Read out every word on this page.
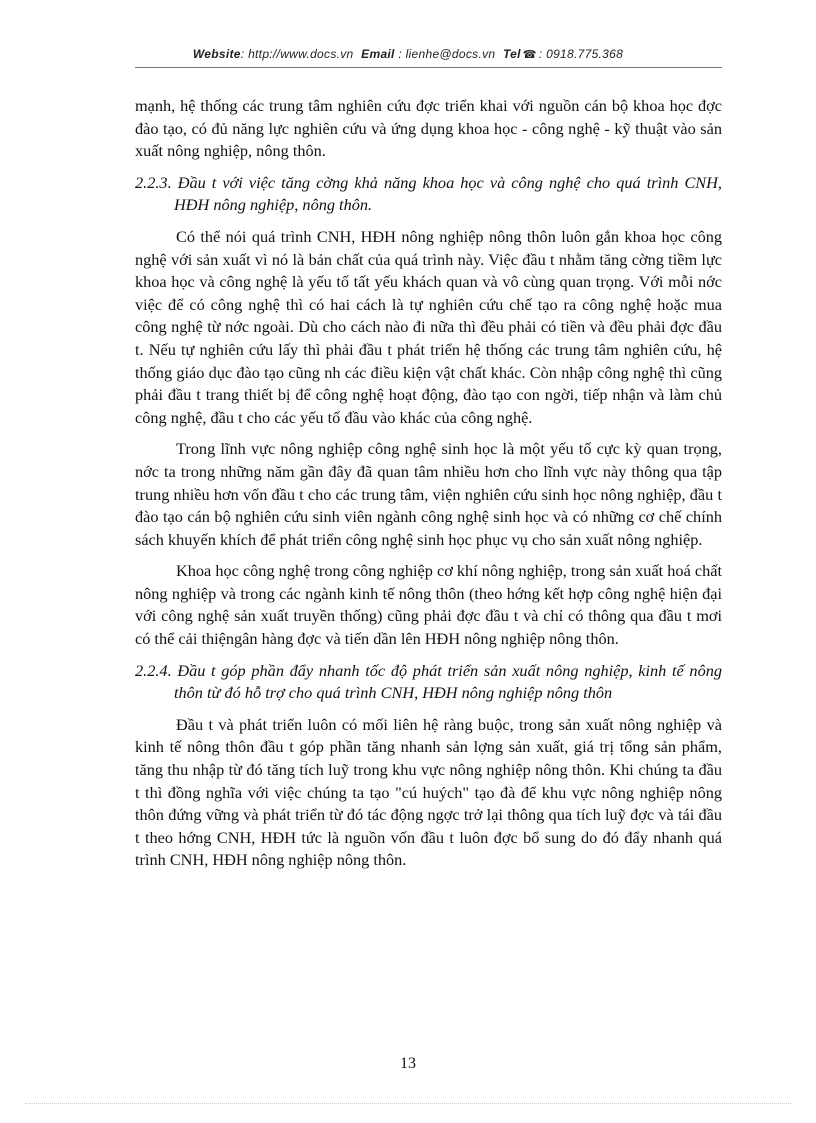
Website: http://www.docs.vn Email : lienhe@docs.vn Tel ☎ : 0918.775.368

mạnh, hệ thống các trung tâm nghiên cứu đợc triển khai với nguồn cán bộ khoa học đợc đào tạo, có đủ năng lực nghiên cứu và ứng dụng khoa học - công nghệ - kỹ thuật vào sản xuất nông nghiệp, nông thôn.

2.2.3. Đầu t với việc tăng cờng khả năng khoa học và công nghệ cho quá trình CNH, HĐH nông nghiệp, nông thôn.

Có thể nói quá trình CNH, HĐH nông nghiệp nông thôn luôn gắn khoa học công nghệ với sản xuất vì nó là bản chất của quá trình này. Việc đầu t nhằm tăng cờng tiềm lực khoa học và công nghệ là yếu tố tất yếu khách quan và vô cùng quan trọng. Với mỗi nớc việc để có công nghệ thì có hai cách là tự nghiên cứu chế tạo ra công nghệ hoặc mua công nghệ từ nớc ngoài. Dù cho cách nào đi nữa thì đều phải có tiền và đều phải đợc đầu t. Nếu tự nghiên cứu lấy thì phải đầu t phát triển hệ thống các trung tâm nghiên cứu, hệ thống giáo dục đào tạo cũng nh các điều kiện vật chất khác. Còn nhập công nghệ thì cũng phải đầu t trang thiết bị để công nghệ hoạt động, đào tạo con ngời, tiếp nhận và làm chủ công nghệ, đầu t cho các yếu tố đầu vào khác của công nghệ.

Trong lĩnh vực nông nghiệp công nghệ sinh học là một yếu tố cực kỳ quan trọng, nớc ta trong những năm gần đây đã quan tâm nhiều hơn cho lĩnh vực này thông qua tập trung nhiều hơn vốn đầu t cho các trung tâm, viện nghiên cứu sinh học nông nghiệp, đầu t đào tạo cán bộ nghiên cứu sinh viên ngành công nghệ sinh học và có những cơ chế chính sách khuyến khích để phát triển công nghệ sinh học phục vụ cho sản xuất nông nghiệp.

Khoa học công nghệ trong công nghiệp cơ khí nông nghiệp, trong sản xuất hoá chất nông nghiệp và trong các ngành kinh tế nông thôn (theo hớng kết hợp công nghệ hiện đại với công nghệ sản xuất truyền thống) cũng phải đợc đầu t và chỉ có thông qua đầu t mơi có thể cải thiệngân hàng đợc và tiến dần lên HĐH nông nghiệp nông thôn.

2.2.4. Đầu t góp phần đẩy nhanh tốc độ phát triển sản xuất nông nghiệp, kinh tế nông thôn từ đó hỗ trợ cho quá trình CNH, HĐH nông nghiệp nông thôn

Đầu t và phát triển luôn có mối liên hệ ràng buộc, trong sản xuất nông nghiệp và kinh tế nông thôn đầu t góp phần tăng nhanh sản lợng sản xuất, giá trị tổng sản phẩm, tăng thu nhập từ đó tăng tích luỹ trong khu vực nông nghiệp nông thôn. Khi chúng ta đầu t thì đồng nghĩa với việc chúng ta tạo "cú huých" tạo đà để khu vực nông nghiệp nông thôn đứng vững và phát triển từ đó tác động ngợc trở lại thông qua tích luỹ đợc và tái đầu t theo hớng CNH, HĐH tức là nguồn vốn đầu t luôn đợc bổ sung do đó đẩy nhanh quá trình CNH, HĐH nông nghiệp nông thôn.

13
